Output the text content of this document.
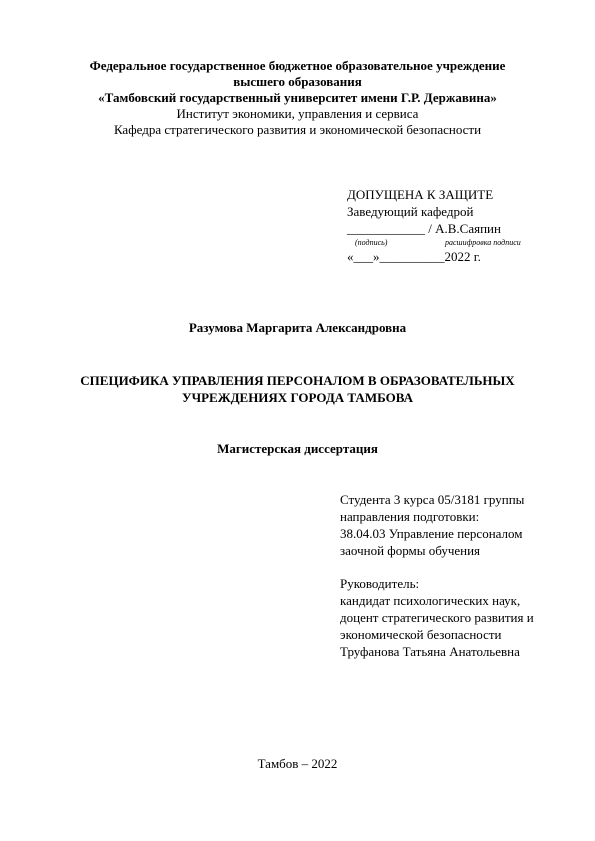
Федеральное государственное бюджетное образовательное учреждение
высшего образования
«Тамбовский государственный университет имени Г.Р. Державина»
Институт экономики, управления и сервиса
Кафедра стратегического развития и экономической безопасности
ДОПУЩЕНА К ЗАЩИТЕ
Заведующий кафедрой
____________ / А.В.Саяпин
(подпись)	расшифровка подписи
«___»__________2022 г.
Разумова Маргарита Александровна
СПЕЦИФИКА УПРАВЛЕНИЯ ПЕРСОНАЛОМ В ОБРАЗОВАТЕЛЬНЫХ
УЧРЕЖДЕНИЯХ ГОРОДА ТАМБОВА
Магистерская диссертация
Студента 3 курса 05/3181 группы
направления подготовки:
38.04.03 Управление персоналом
заочной формы обучения
Руководитель:
кандидат психологических наук,
доцент стратегического развития и
экономической безопасности
Труфанова Татьяна Анатольевна
Тамбов – 2022
